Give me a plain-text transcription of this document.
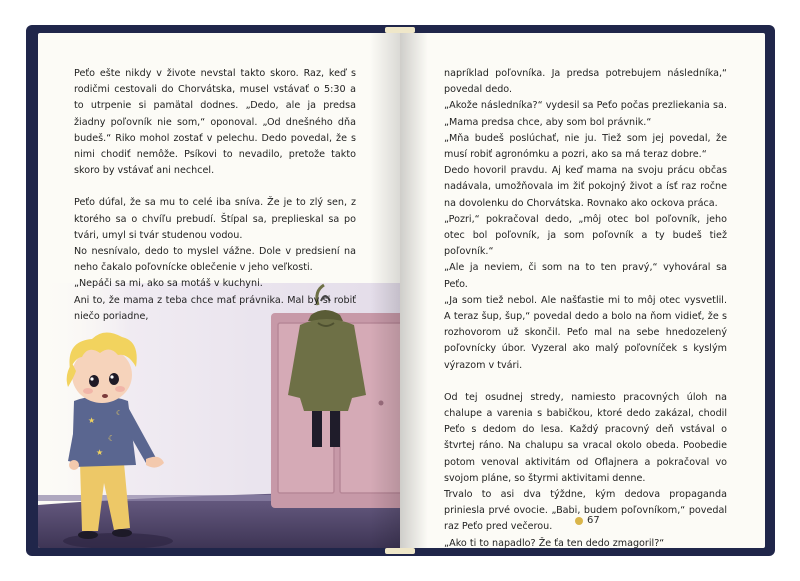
★
☾
★
☾

Peťo ešte nikdy v živote nevstal takto skoro. Raz, keď s rodičmi cestovali do Chorvátska, musel vstávať o 5:30 a to utrpenie si pamätal dodnes. „Dedo, ale ja predsa žiadny poľovník nie som,“ oponoval. „Od dnešného dňa budeš.“ Riko mohol zostať v pelechu. Dedo povedal, že s nimi chodiť nemôže. Psíkovi to nevadilo, pretože takto skoro by vstávať ani nechcel.

Peťo dúfal, že sa mu to celé iba sníva. Že je to zlý sen, z ktorého sa o chvíľu prebudí. Štípal sa, preplieskal sa po tvári, umyl si tvár studenou vodou.

No nesnívalo, dedo to myslel vážne. Dole v predsiení na neho čakalo poľovnícke oblečenie v jeho veľkosti.

„Nepáči sa mi, ako sa motáš v kuchyni.

Ani to, že mama z teba chce mať právnika. Mal by si robiť niečo poriadne,

napríklad poľovníka. Ja predsa potrebujem následníka,“ povedal dedo.

„Akože následníka?“ vydesil sa Peťo počas prezliekania sa. „Mama predsa chce, aby som bol právnik.“

„Mňa budeš poslúchať, nie ju. Tiež som jej povedal, že musí robiť agronómku a pozri, ako sa má teraz dobre.“

Dedo hovoril pravdu. Aj keď mama na svoju prácu občas nadávala, umožňovala im žiť pokojný život a ísť raz ročne na dovolenku do Chorvátska. Rovnako ako ockova práca.

„Pozri,“ pokračoval dedo, „môj otec bol poľovník, jeho otec bol poľovník, ja som poľovník a ty budeš tiež poľovník.“

„Ale ja neviem, či som na to ten pravý,“ vyhováral sa Peťo.

„Ja som tiež nebol. Ale našťastie mi to môj otec vysvetlil. A teraz šup, šup,“ povedal dedo a bolo na ňom vidieť, že s rozhovorom už skončil. Peťo mal na sebe hnedozelený poľovnícky úbor. Vyzeral ako malý poľovníček s kyslým výrazom v tvári.

Od tej osudnej stredy, namiesto pracovných úloh na chalupe a varenia s babičkou, ktoré dedo zakázal, chodil Peťo s dedom do lesa. Každý pracovný deň vstával o štvrtej ráno. Na chalupu sa vracal okolo obeda. Poobedie potom venoval aktivitám od Oflajnera a pokračoval vo svojom pláne, so štyrmi aktivitami denne.

Trvalo to asi dva týždne, kým dedova propaganda priniesla prvé ovocie. „Babi, budem poľovníkom,“ povedal raz Peťo pred večerou.

„Ako ti to napadlo? Že ťa ten dedo zmagoril?“

67
